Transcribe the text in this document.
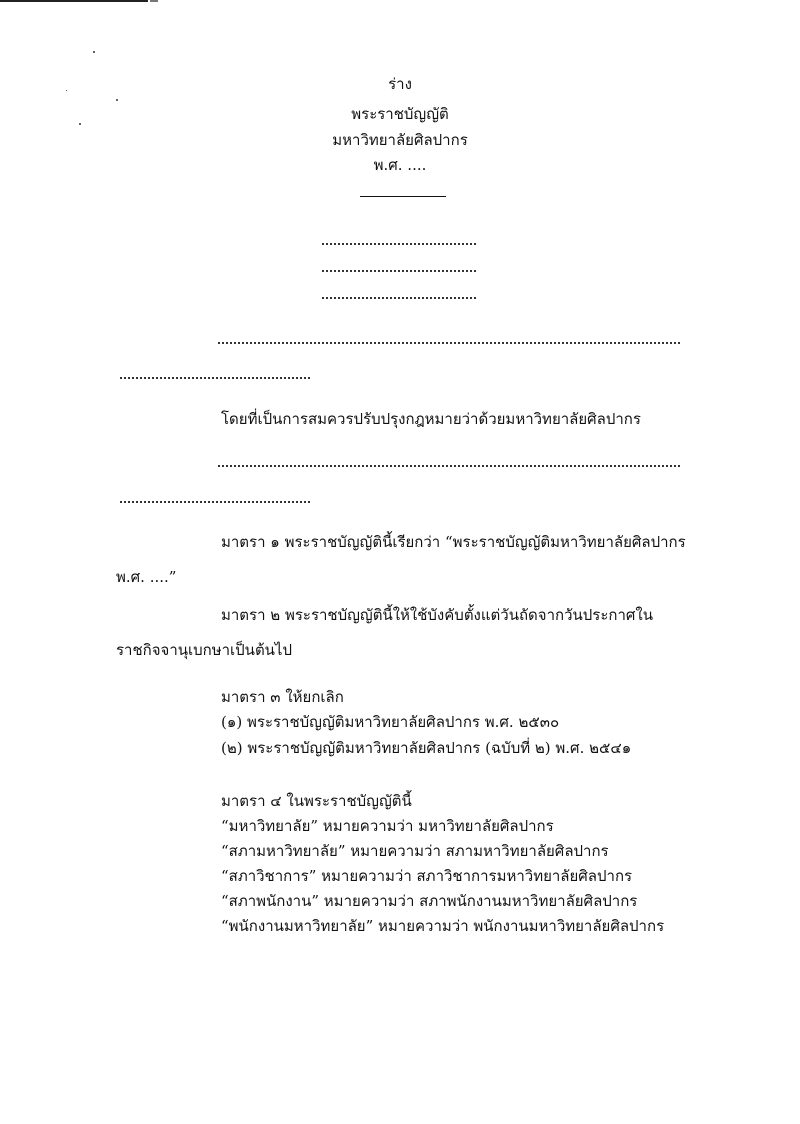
ร่าง
พระราชบัญญัติ
มหาวิทยาลัยศิลปากร
พ.ศ. ....
โดยที่เป็นการสมควรปรับปรุงกฎหมายว่าด้วยมหาวิทยาลัยศิลปากร
มาตรา ๑ พระราชบัญญัตินี้เรียกว่า “พระราชบัญญัติมหาวิทยาลัยศิลปากร
พ.ศ. ....”
มาตรา ๒ พระราชบัญญัตินี้ให้ใช้บังคับตั้งแต่วันถัดจากวันประกาศใน
ราชกิจจานุเบกษาเป็นต้นไป
มาตรา ๓ ให้ยกเลิก
(๑) พระราชบัญญัติมหาวิทยาลัยศิลปากร พ.ศ. ๒๕๓๐
(๒) พระราชบัญญัติมหาวิทยาลัยศิลปากร (ฉบับที่ ๒) พ.ศ. ๒๕๔๑
มาตรา ๔ ในพระราชบัญญัตินี้
“มหาวิทยาลัย” หมายความว่า มหาวิทยาลัยศิลปากร
“สภามหาวิทยาลัย” หมายความว่า สภามหาวิทยาลัยศิลปากร
“สภาวิชาการ” หมายความว่า สภาวิชาการมหาวิทยาลัยศิลปากร
“สภาพนักงาน” หมายความว่า สภาพนักงานมหาวิทยาลัยศิลปากร
“พนักงานมหาวิทยาลัย” หมายความว่า พนักงานมหาวิทยาลัยศิลปากร
